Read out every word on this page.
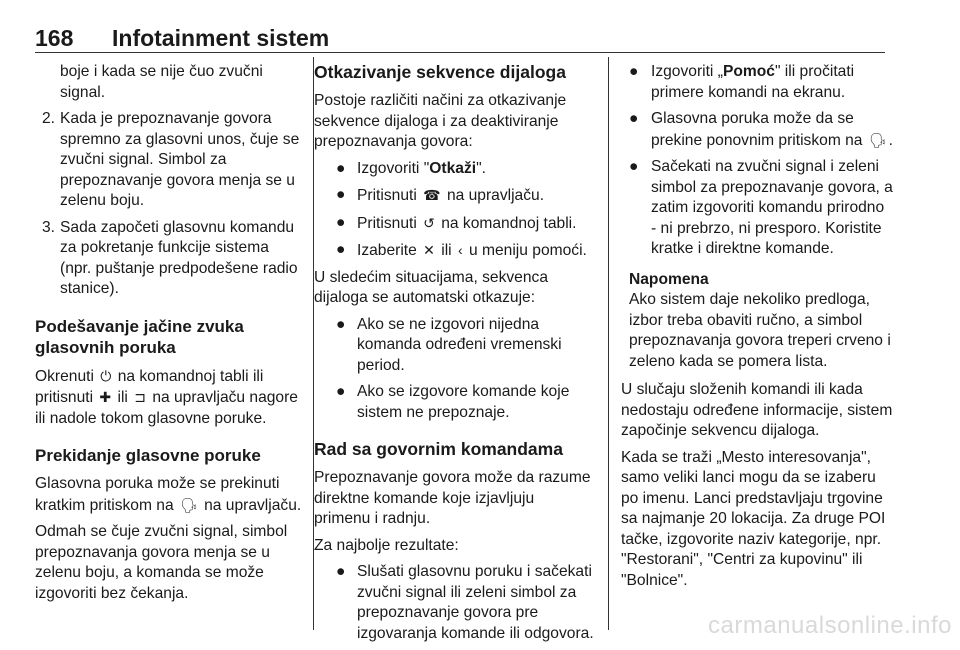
168 Infotainment sistem

boje i kada se nije čuo zvučni signal.

2. Kada je prepoznavanje govora spremno za glasovni unos, čuje se zvučni signal. Simbol za prepoznavanje govora menja se u zelenu boju.
3. Sada započeti glasovnu komandu za pokretanje funkcije sistema (npr. puštanje predpodešene radio stanice).
Podešavanje jačine zvuka glasovnih poruka

Okrenuti ⏻ na komandnoj tabli ili pritisnuti ✚ ili ⊐ na upravljaču nagore ili nadole tokom glasovne poruke.

Prekidanje glasovne poruke

Glasovna poruka može se prekinuti kratkim pritiskom na 🗣 na upravljaču.

Odmah se čuje zvučni signal, simbol prepoznavanja govora menja se u zelenu boju, a komanda se može izgovoriti bez čekanja.

Otkazivanje sekvence dijaloga

Postoje različiti načini za otkazivanje sekvence dijaloga i za deaktiviranje prepoznavanja govora:

● Izgovoriti "Otkaži".
● Pritisnuti ☎ na upravljaču.
● Pritisnuti ↺ na komandnoj tabli.
● Izaberite ✕ ili ‹ u meniju pomoći.

U sledećim situacijama, sekvenca dijaloga se automatski otkazuje:

● Ako se ne izgovori nijedna komanda određeni vremenski period.
● Ako se izgovore komande koje sistem ne prepoznaje.
Rad sa govornim komandama

Prepoznavanje govora može da razume direktne komande koje izjavljuju primenu i radnju.

Za najbolje rezultate:

● Slušati glasovnu poruku i sačekati zvučni signal ili zeleni simbol za prepoznavanje govora pre izgovaranja komande ili odgovora.
● Izgovoriti „Pomoć" ili pročitati primere komandi na ekranu.
● Glasovna poruka može da se prekine ponovnim pritiskom na 🗣 .
● Sačekati na zvučni signal i zeleni simbol za prepoznavanje govora, a zatim izgovoriti komandu prirodno - ni prebrzo, ni presporo. Koristite kratke i direktne komande.
Napomena
Ako sistem daje nekoliko predloga, izbor treba obaviti ručno, a simbol prepoznavanja govora treperi crveno i zeleno kada se pomera lista.

U slučaju složenih komandi ili kada nedostaju određene informacije, sistem započinje sekvencu dijaloga.

Kada se traži „Mesto interesovanja", samo veliki lanci mogu da se izaberu po imenu. Lanci predstavljaju trgovine sa najmanje 20 lokacija. Za druge POI tačke, izgovorite naziv kategorije, npr. "Restorani", "Centri za kupovinu" ili "Bolnice".

carmanualsonline.info
